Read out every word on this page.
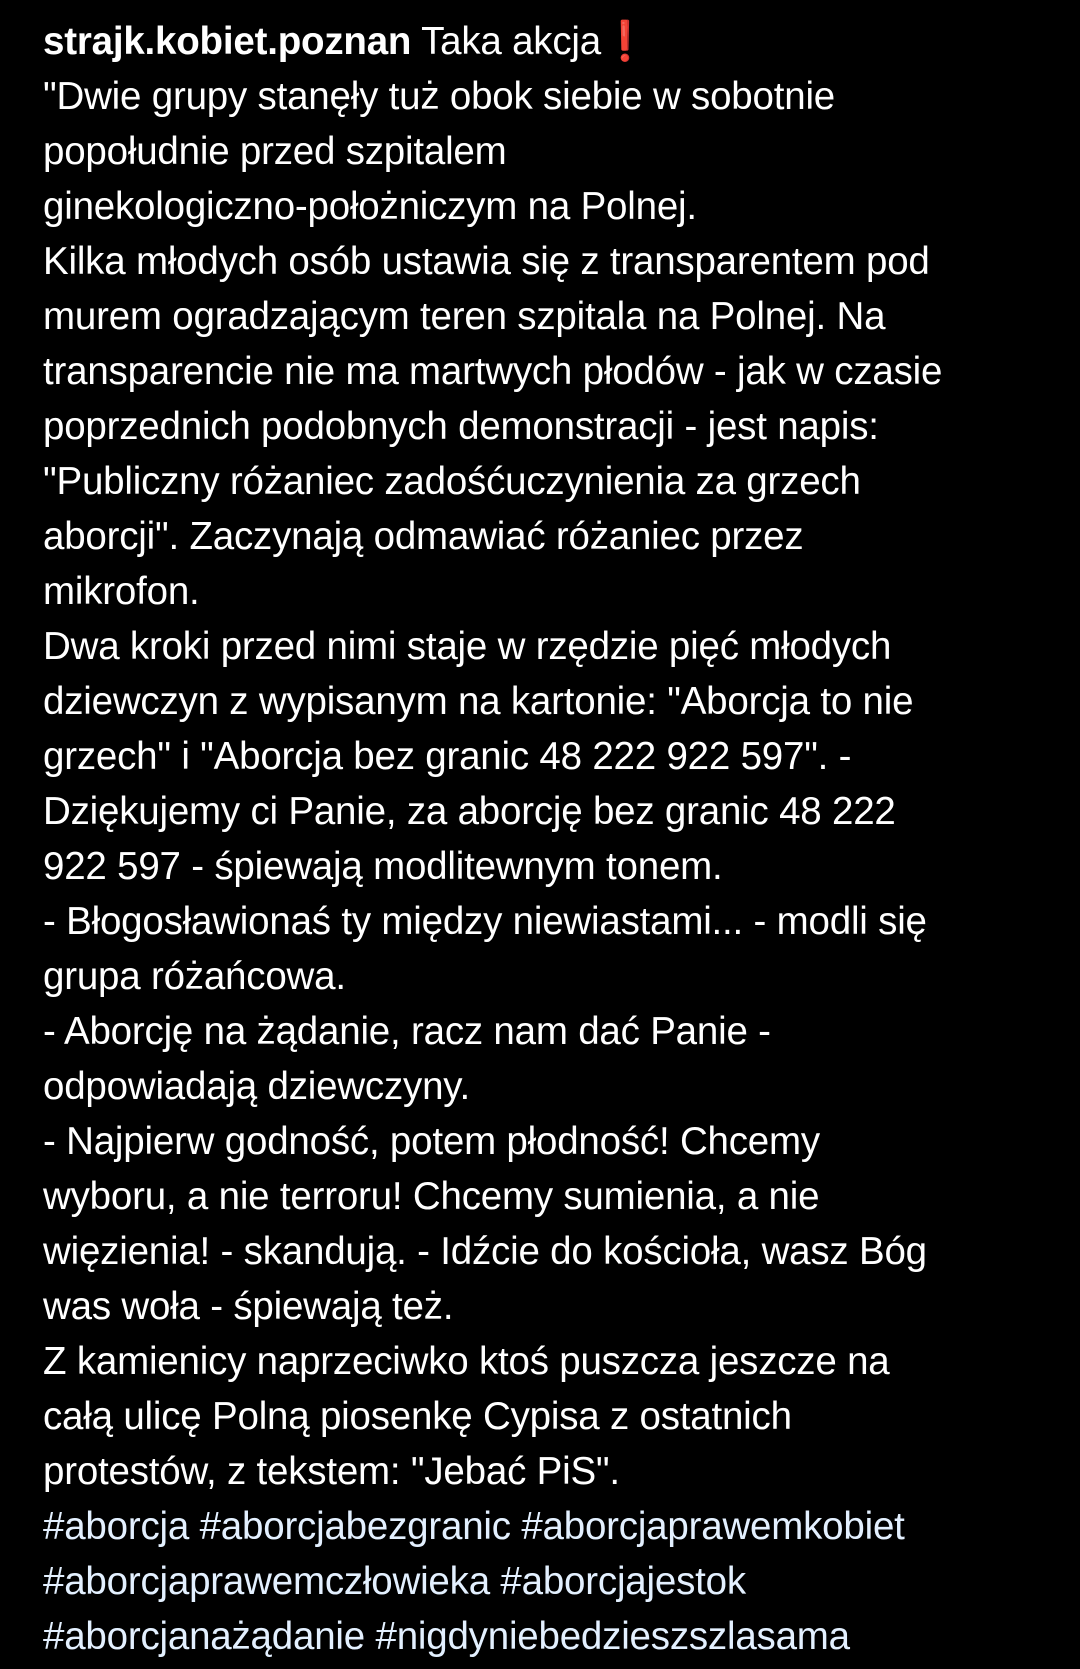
strajk.kobiet.poznan Taka akcja❗
"Dwie grupy stanęły tuż obok siebie w sobotnie
popołudnie przed szpitalem
ginekologiczno-położniczym na Polnej.
Kilka młodych osób ustawia się z transparentem pod
murem ogradzającym teren szpitala na Polnej. Na
transparencie nie ma martwych płodów - jak w czasie
poprzednich podobnych demonstracji - jest napis:
"Publiczny różaniec zadośćuczynienia za grzech
aborcji". Zaczynają odmawiać różaniec przez
mikrofon.
Dwa kroki przed nimi staje w rzędzie pięć młodych
dziewczyn z wypisanym na kartonie: "Aborcja to nie
grzech" i "Aborcja bez granic 48 222 922 597". -
Dziękujemy ci Panie, za aborcję bez granic 48 222
922 597 - śpiewają modlitewnym tonem.
- Błogosławionaś ty między niewiastami... - modli się
grupa różańcowa.
- Aborcję na żądanie, racz nam dać Panie -
odpowiadają dziewczyny.
- Najpierw godność, potem płodność! Chcemy
wyboru, a nie terroru! Chcemy sumienia, a nie
więzienia! - skandują. - Idźcie do kościoła, wasz Bóg
was woła - śpiewają też.
Z kamienicy naprzeciwko ktoś puszcza jeszcze na
całą ulicę Polną piosenkę Cypisa z ostatnich
protestów, z tekstem: "Jebać PiS".
#aborcja #aborcjabezgranic #aborcjaprawemkobiet
#aborcjaprawemczłowieka #aborcjajestok
#aborcjanażądanie #nigdyniebedzieszszlasama
